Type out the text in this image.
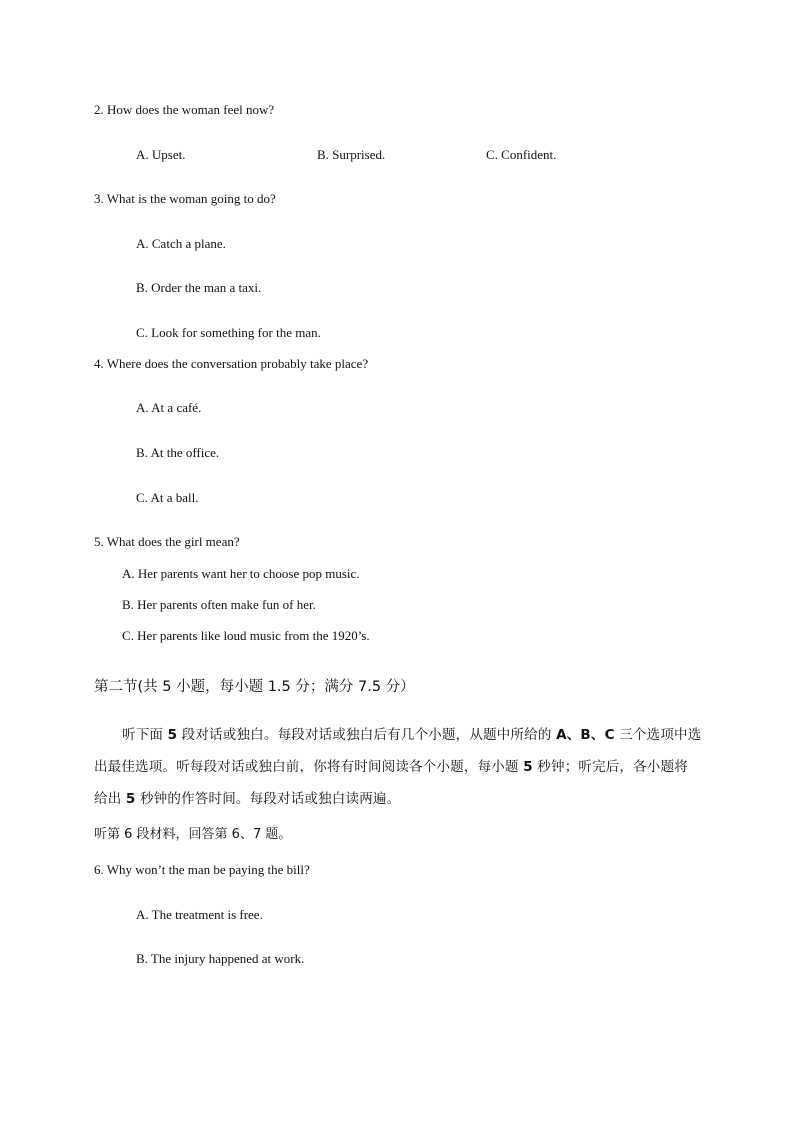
2. How does the woman feel now?
A. Upset.	B. Surprised.	C. Confident.
3. What is the woman going to do?
A. Catch a plane.
B. Order the man a taxi.
C. Look for something for the man.
4. Where does the conversation probably take place?
A. At a café.
B. At the office.
C. At a ball.
5. What does the girl mean?
A. Her parents want her to choose pop music.
B. Her parents often make fun of her.
C. Her parents like loud music from the 1920’s.
第二节(共 5 小题，每小题 1.5 分；满分 7.5 分）
听下面 5 段对话或独白。每段对话或独白后有几个小题，从题中所给的 A、B、C 三个选项中选
出最佳选项。听每段对话或独白前，你将有时间阅读各个小题，每小题 5 秒钟；听完后，各小题将
给出 5 秒钟的作答时间。每段对话或独白读两遍。
听第 6 段材料，回答第 6、7 题。
6. Why won’t the man be paying the bill?
A. The treatment is free.
B. The injury happened at work.
